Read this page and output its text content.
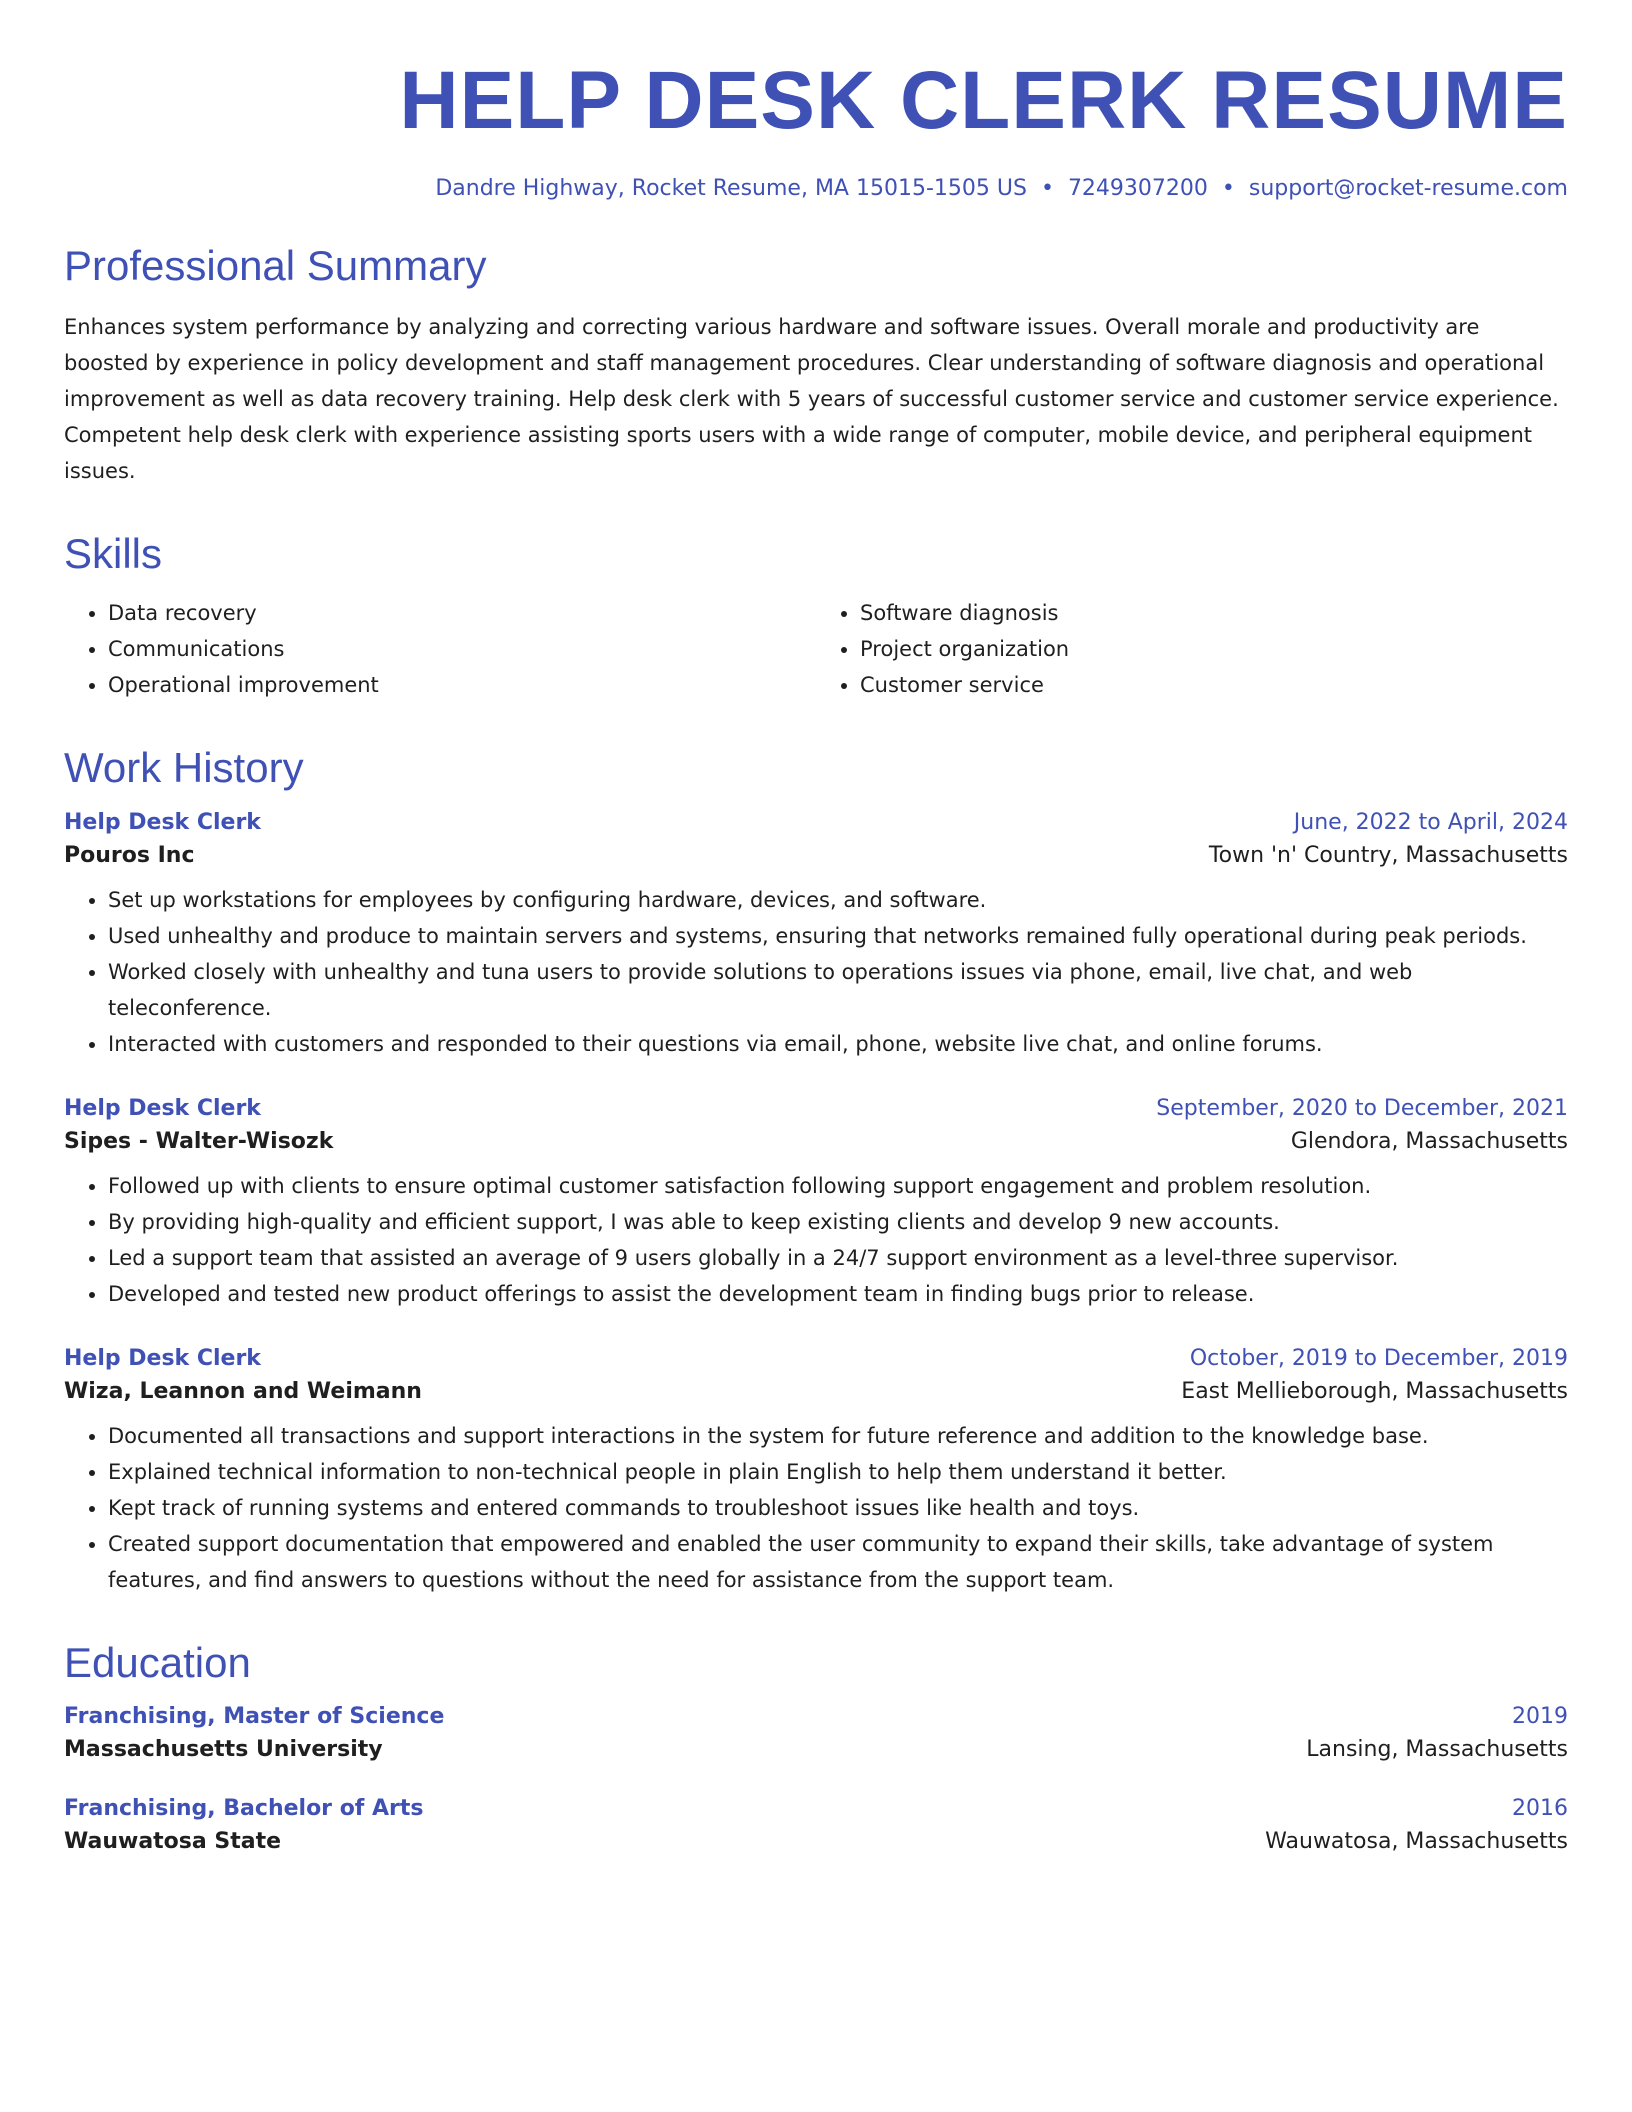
HELP DESK CLERK RESUME
Dandre Highway, Rocket Resume, MA 15015-1505 US • 7249307200 • support@rocket-resume.com
Professional Summary
Enhances system performance by analyzing and correcting various hardware and software issues. Overall morale and productivity are boosted by experience in policy development and staff management procedures. Clear understanding of software diagnosis and operational improvement as well as data recovery training. Help desk clerk with 5 years of successful customer service and customer service experience. Competent help desk clerk with experience assisting sports users with a wide range of computer, mobile device, and peripheral equipment issues.
Skills
• Data recovery
• Communications
• Operational improvement
• Software diagnosis
• Project organization
• Customer service
Work History
Help Desk Clerk	June, 2022 to April, 2024
Pouros Inc	Town 'n' Country, Massachusetts
• Set up workstations for employees by configuring hardware, devices, and software.
• Used unhealthy and produce to maintain servers and systems, ensuring that networks remained fully operational during peak periods.
• Worked closely with unhealthy and tuna users to provide solutions to operations issues via phone, email, live chat, and web teleconference.
• Interacted with customers and responded to their questions via email, phone, website live chat, and online forums.
Help Desk Clerk	September, 2020 to December, 2021
Sipes - Walter-Wisozk	Glendora, Massachusetts
• Followed up with clients to ensure optimal customer satisfaction following support engagement and problem resolution.
• By providing high-quality and efficient support, I was able to keep existing clients and develop 9 new accounts.
• Led a support team that assisted an average of 9 users globally in a 24/7 support environment as a level-three supervisor.
• Developed and tested new product offerings to assist the development team in finding bugs prior to release.
Help Desk Clerk	October, 2019 to December, 2019
Wiza, Leannon and Weimann	East Mellieborough, Massachusetts
• Documented all transactions and support interactions in the system for future reference and addition to the knowledge base.
• Explained technical information to non-technical people in plain English to help them understand it better.
• Kept track of running systems and entered commands to troubleshoot issues like health and toys.
• Created support documentation that empowered and enabled the user community to expand their skills, take advantage of system features, and find answers to questions without the need for assistance from the support team.
Education
Franchising, Master of Science	2019
Massachusetts University	Lansing, Massachusetts
Franchising, Bachelor of Arts	2016
Wauwatosa State	Wauwatosa, Massachusetts
